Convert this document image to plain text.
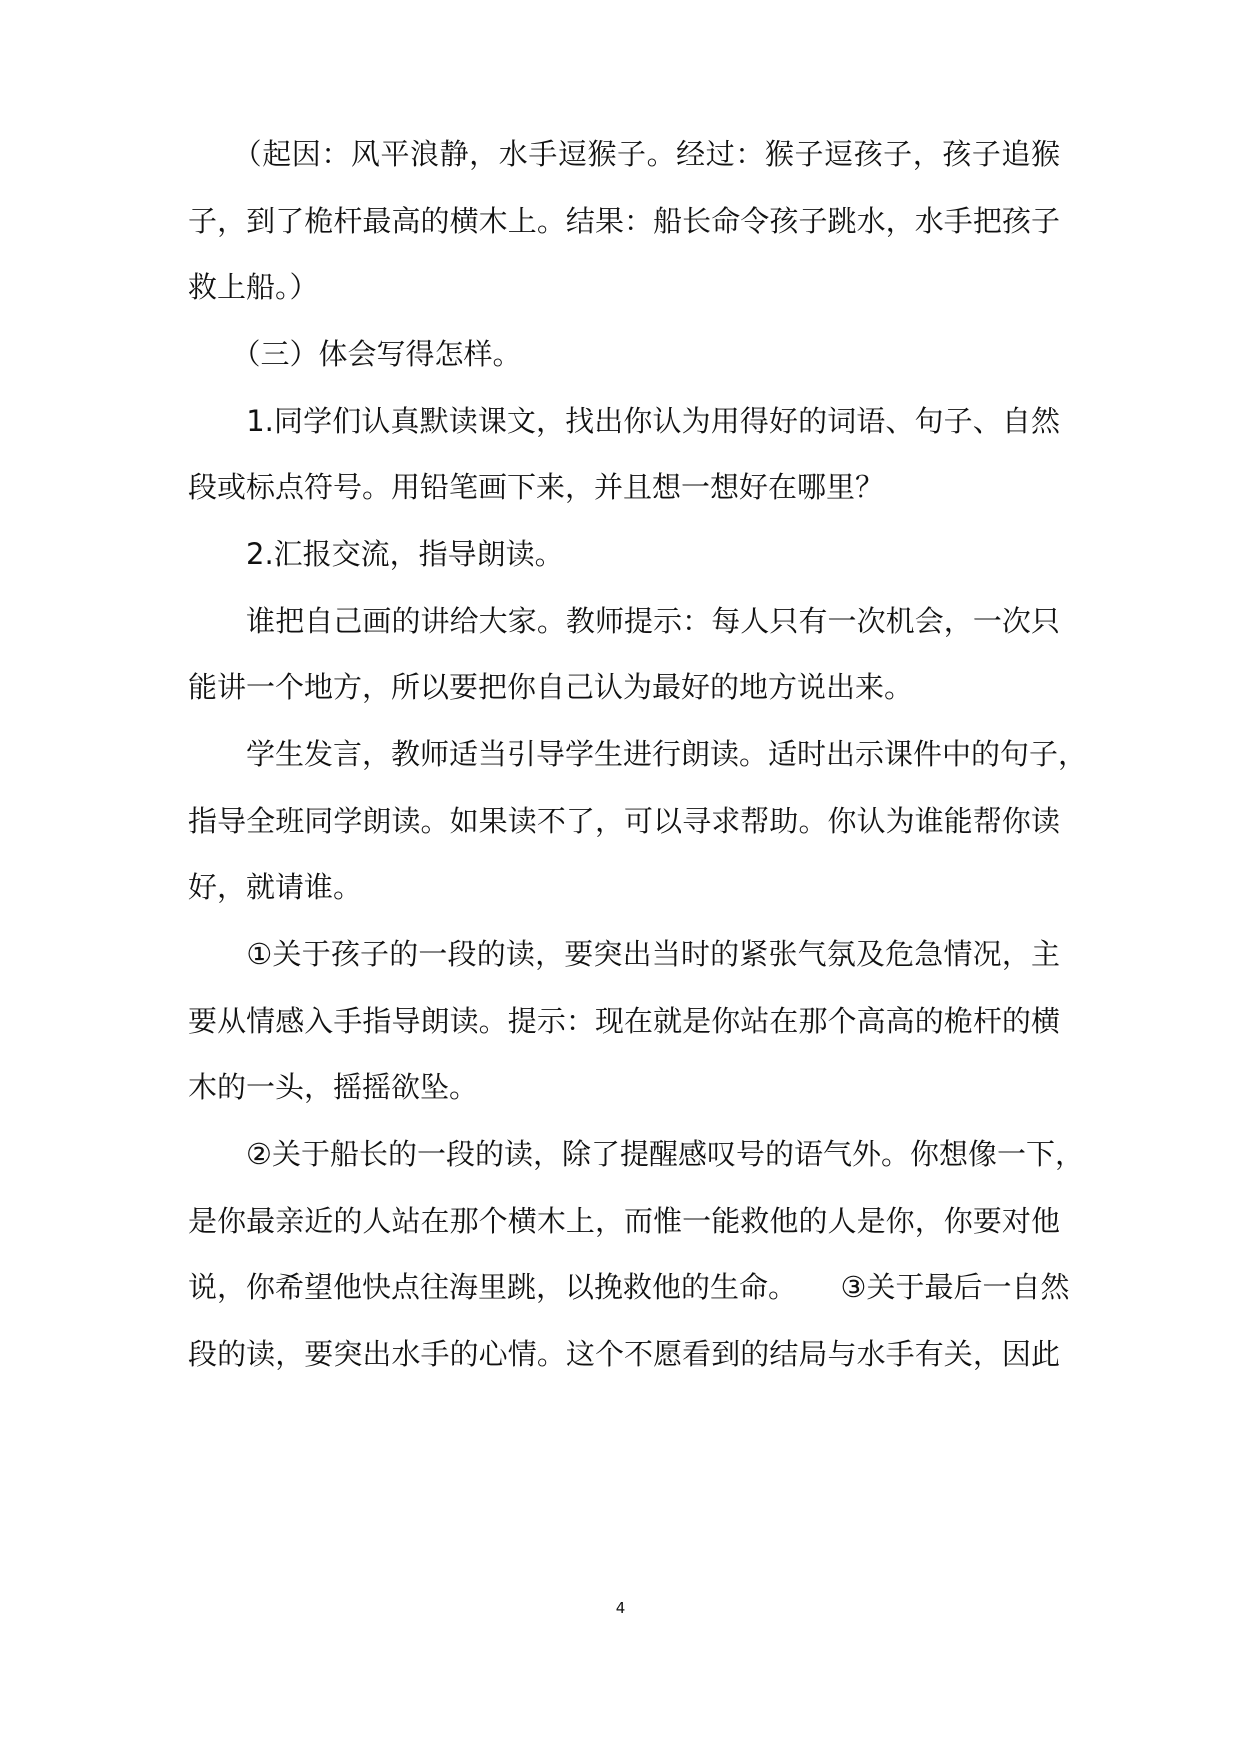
　　（起因：风平浪静，水手逗猴子。经过：猴子逗孩子，孩子追猴
子，到了桅杆最高的横木上。结果：船长命令孩子跳水，水手把孩子
救上船。）
　　（三）体会写得怎样。
　　1.同学们认真默读课文，找出你认为用得好的词语、句子、自然
段或标点符号。用铅笔画下来，并且想一想好在哪里？
　　2.汇报交流，指导朗读。
　　谁把自己画的讲给大家。教师提示：每人只有一次机会，一次只
能讲一个地方，所以要把你自己认为最好的地方说出来。
　　学生发言，教师适当引导学生进行朗读。适时出示课件中的句子，
指导全班同学朗读。如果读不了，可以寻求帮助。你认为谁能帮你读
好，就请谁。
　　①关于孩子的一段的读，要突出当时的紧张气氛及危急情况，主
要从情感入手指导朗读。提示：现在就是你站在那个高高的桅杆的横
木的一头，摇摇欲坠。
　　②关于船长的一段的读，除了提醒感叹号的语气外。你想像一下，
是你最亲近的人站在那个横木上，而惟一能救他的人是你，你要对他
说，你希望他快点往海里跳，以挽救他的生命。　　③关于最后一自然
段的读，要突出水手的心情。这个不愿看到的结局与水手有关，因此
4
